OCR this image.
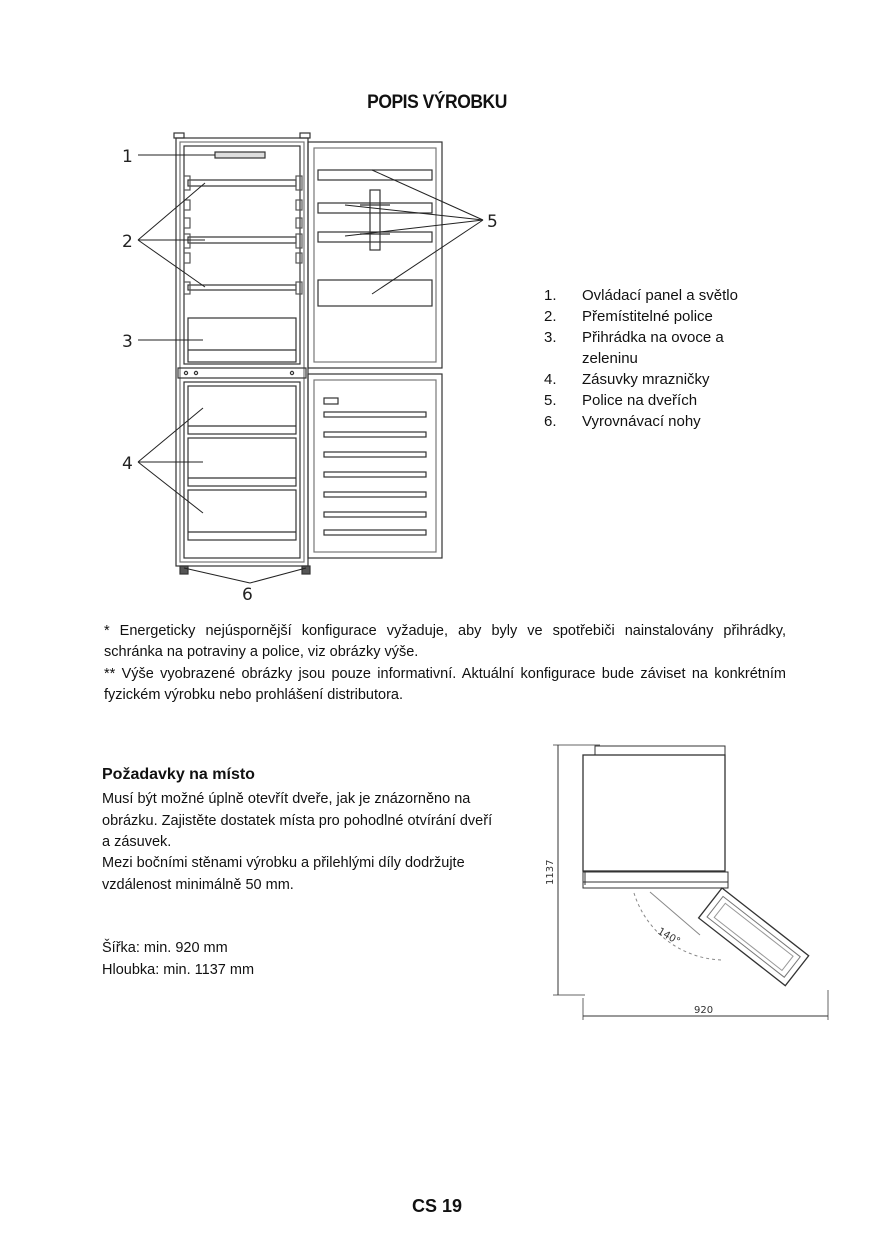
POPIS VÝROBKU
1
2
3
4
5
6
1.	Ovládací panel a světlo
2.	Přemístitelné police
3.	Přihrádka na ovoce a zeleninu
4.	Zásuvky mrazničky
5.	Police na dveřích
6.	Vyrovnávací nohy
* Energeticky nejúspornější konfigurace vyžaduje, aby byly ve spotřebiči nainstalovány přihrádky, schránka na potraviny a police, viz obrázky výše.
** Výše vyobrazené obrázky jsou pouze informativní. Aktuální konfigurace bude záviset na konkrétním fyzickém výrobku nebo prohlášení distributora.
Požadavky na místo
Musí být možné úplně otevřít dveře, jak je znázorněno na obrázku. Zajistěte dostatek místa pro pohodlné otvírání dveří a zásuvek.
Mezi bočními stěnami výrobku a přilehlými díly dodržujte vzdálenost minimálně 50 mm.
Šířka: min. 920 mm
Hloubka: min. 1137 mm
1137
920
140°
CS 19
